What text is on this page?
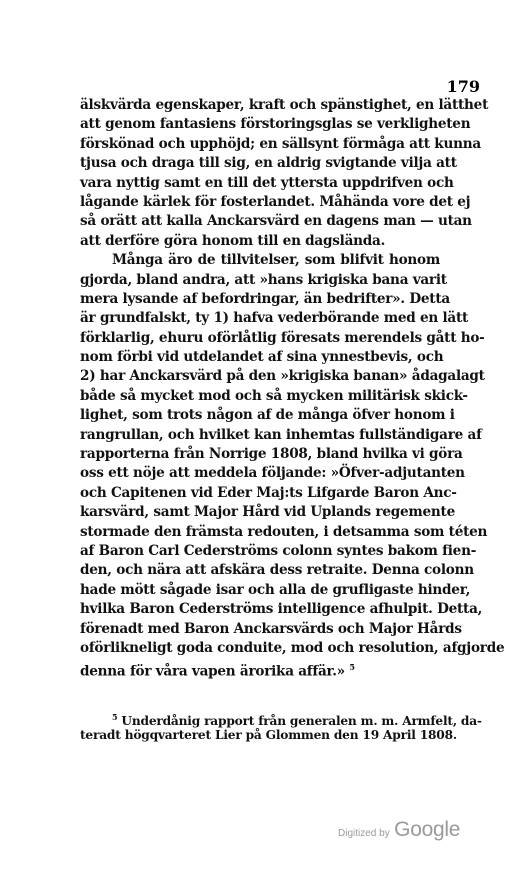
179
älskvärda egenskaper, kraft och spänstighet, en lätthet
att genom fantasiens förstoringsglas se verkligheten
förskönad och upphöjd; en sällsynt förmåga att kunna
tjusa och draga till sig, en aldrig svigtande vilja att
vara nyttig samt en till det yttersta uppdrifven och
lågande kärlek för fosterlandet. Måhända vore det ej
så orätt att kalla Anckarsvärd en dagens man — utan
att derföre göra honom till en dagslända.
Många äro de tillvitelser, som blifvit honom
gjorda, bland andra, att »hans krigiska bana varit
mera lysande af befordringar, än bedrifter». Detta
är grundfalskt, ty 1) hafva vederbörande med en lätt
förklarlig, ehuru oförlåtlig föresats merendels gått ho-
nom förbi vid utdelandet af sina ynnestbevis, och
2) har Anckarsvärd på den »krigiska banan» ådagalagt
både så mycket mod och så mycken militärisk skick-
lighet, som trots någon af de många öfver honom i
rangrullan, och hvilket kan inhemtas fullständigare af
rapporterna från Norrige 1808, bland hvilka vi göra
oss ett nöje att meddela följande: »Öfver-adjutanten
och Capitenen vid Eder Maj:ts Lifgarde Baron Anc-
karsvärd, samt Major Hård vid Uplands regemente
stormade den främsta redouten, i detsamma som téten
af Baron Carl Cederströms colonn syntes bakom fien-
den, och nära att afskära dess retraite. Denna colonn
hade mött sågade isar och alla de grufligaste hinder,
hvilka Baron Cederströms intelligence afhulpit. Detta,
förenadt med Baron Anckarsvärds och Major Hårds
oförlikneligt goda conduite, mod och resolution, afgjorde
denna för våra vapen ärorika affär.» $^5$
$^5$ Underdånig rapport från generalen m. m. Armfelt, da-
teradt högqvarteret Lier på Glommen den 19 April 1808.
Digitized by Google
